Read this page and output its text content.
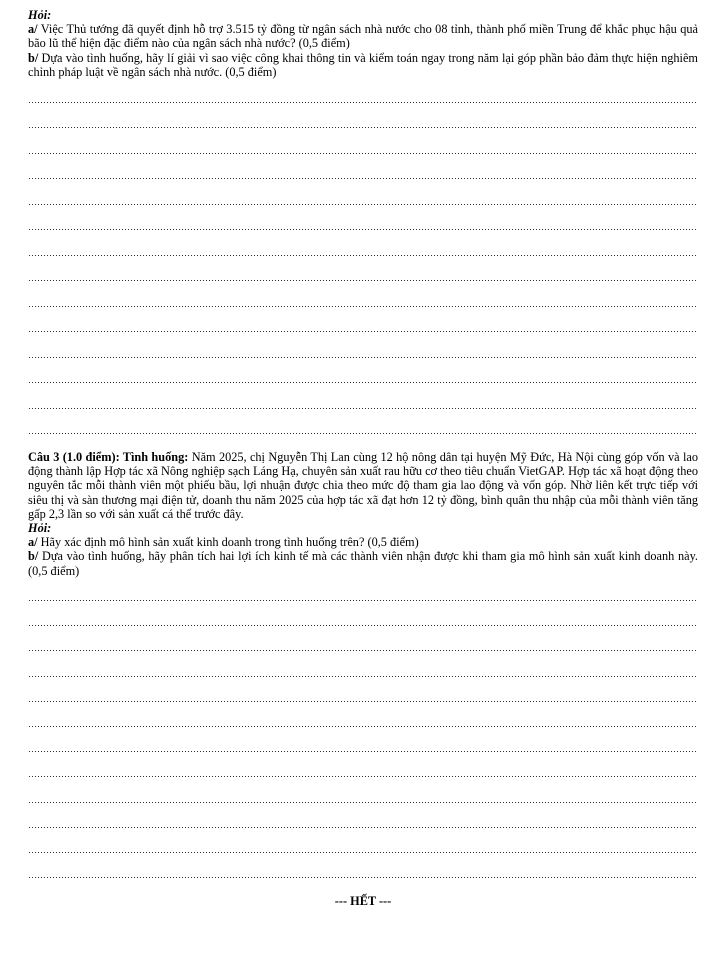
Hỏi:

a/ Việc Thủ tướng đã quyết định hỗ trợ 3.515 tỷ đồng từ ngân sách nhà nước cho 08 tỉnh, thành phố miền Trung để khắc phục hậu quả bão lũ thể hiện đặc điểm nào của ngân sách nhà nước? (0,5 điểm)

b/ Dựa vào tình huống, hãy lí giải vì sao việc công khai thông tin và kiểm toán ngay trong năm lại góp phần bảo đảm thực hiện nghiêm chỉnh pháp luật về ngân sách nhà nước. (0,5 điểm)

Câu 3 (1.0 điểm): Tình huống: Năm 2025, chị Nguyễn Thị Lan cùng 12 hộ nông dân tại huyện Mỹ Đức, Hà Nội cùng góp vốn và lao động thành lập Hợp tác xã Nông nghiệp sạch Láng Hạ, chuyên sản xuất rau hữu cơ theo tiêu chuẩn VietGAP. Hợp tác xã hoạt động theo nguyên tắc mỗi thành viên một phiếu bầu, lợi nhuận được chia theo mức độ tham gia lao động và vốn góp. Nhờ liên kết trực tiếp với siêu thị và sàn thương mại điện tử, doanh thu năm 2025 của hợp tác xã đạt hơn 12 tỷ đồng, bình quân thu nhập của mỗi thành viên tăng gấp 2,3 lần so với sản xuất cá thể trước đây.

Hỏi:

a/ Hãy xác định mô hình sản xuất kinh doanh trong tình huống trên? (0,5 điểm)

b/ Dựa vào tình huống, hãy phân tích hai lợi ích kinh tế mà các thành viên nhận được khi tham gia mô hình sản xuất kinh doanh này. (0,5 điểm)

--- HẾT ---
